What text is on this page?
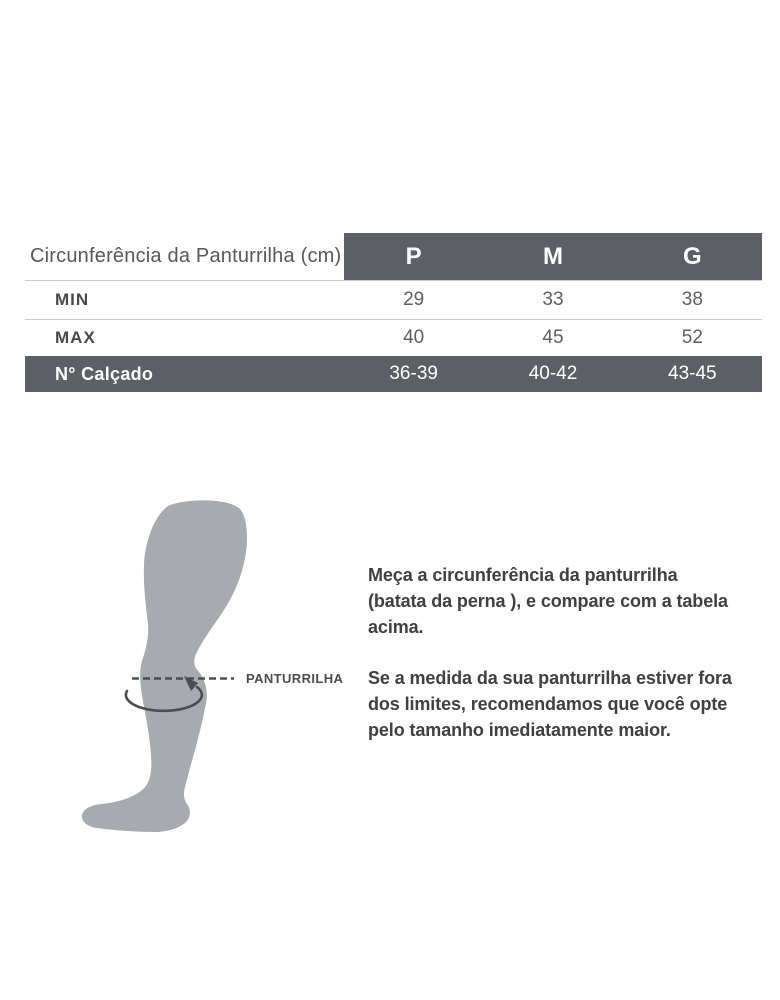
Circunferência da Panturrilha (cm)	P	M	G
MIN	29	33	38
MAX	40	45	52
N° Calçado	36-39	40-42	43-45
PANTURRILHA
Meça a circunferência da panturrilha
(batata da perna ), e compare com a tabela
acima.
Se a medida da sua panturrilha estiver fora
dos limites, recomendamos que você opte
pelo tamanho imediatamente maior.
